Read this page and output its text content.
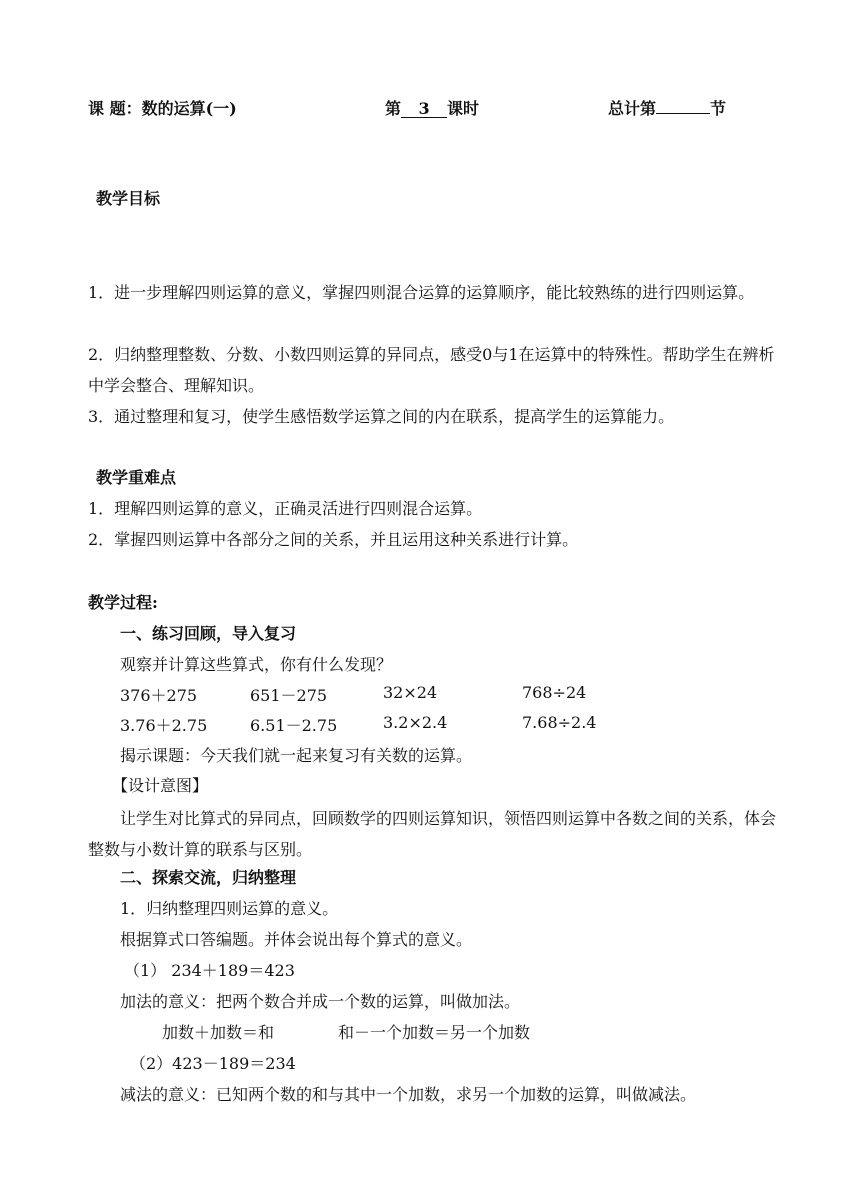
课 题：数的运算(一)	第 3 课时	总计第	节
教学目标
1．进一步理解四则运算的意义，掌握四则混合运算的运算顺序，能比较熟练的进行四则运算。
2．归纳整理整数、分数、小数四则运算的异同点，感受0与1在运算中的特殊性。帮助学生在辨析中学会整合、理解知识。
3．通过整理和复习，使学生感悟数学运算之间的内在联系，提高学生的运算能力。
教学重难点
1．理解四则运算的意义，正确灵活进行四则混合运算。
2．掌握四则运算中各部分之间的关系，并且运用这种关系进行计算。
教学过程:
一、练习回顾，导入复习
观察并计算这些算式，你有什么发现？
376＋275	651－275	32×24	768÷24
3.76＋2.75	6.51－2.75	3.2×2.4	7.68÷2.4
揭示课题：今天我们就一起来复习有关数的运算。
【设计意图】
让学生对比算式的异同点，回顾数学的四则运算知识，领悟四则运算中各数之间的关系，体会整数与小数计算的联系与区别。
二、探索交流，归纳整理
1．归纳整理四则运算的意义。
根据算式口答编题。并体会说出每个算式的意义。
（1） 234＋189＝423
加法的意义：把两个数合并成一个数的运算，叫做加法。
加数＋加数＝和	和－一个加数＝另一个加数
（2）423－189＝234
减法的意义：已知两个数的和与其中一个加数，求另一个加数的运算，叫做减法。
